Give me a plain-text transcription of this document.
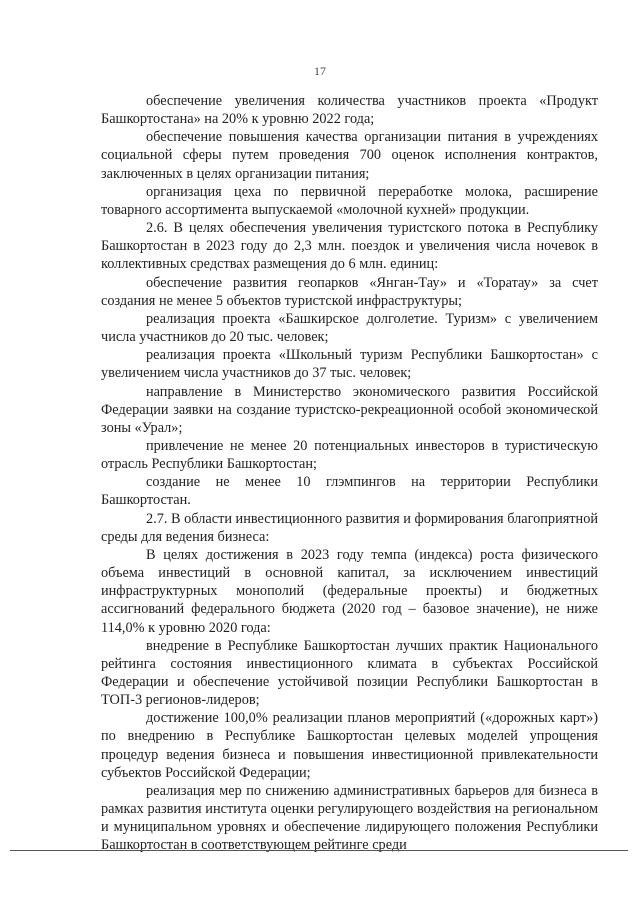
17

обеспечение увеличения количества участников проекта «Продукт Башкортостана» на 20% к уровню 2022 года;

обеспечение повышения качества организации питания в учреждениях социальной сферы путем проведения 700 оценок исполнения контрактов, заключенных в целях организации питания;

организация цеха по первичной переработке молока, расширение товарного ассортимента выпускаемой «молочной кухней» продукции.

2.6. В целях обеспечения увеличения туристского потока в Республику Башкортостан в 2023 году до 2,3 млн. поездок и увеличения числа ночевок в коллективных средствах размещения до 6 млн. единиц:

обеспечение развития геопарков «Янган-Тау» и «Торатау» за счет создания не менее 5 объектов туристской инфраструктуры;

реализация проекта «Башкирское долголетие. Туризм» с увеличением числа участников до 20 тыс. человек;

реализация проекта «Школьный туризм Республики Башкортостан» с увеличением числа участников до 37 тыс. человек;

направление в Министерство экономического развития Российской Федерации заявки на создание туристско-рекреационной особой экономической зоны «Урал»;

привлечение не менее 20 потенциальных инвесторов в туристическую отрасль Республики Башкортостан;

создание не менее 10 глэмпингов на территории Республики Башкортостан.

2.7. В области инвестиционного развития и формирования благоприятной среды для ведения бизнеса:

В целях достижения в 2023 году темпа (индекса) роста физического объема инвестиций в основной капитал, за исключением инвестиций инфраструктурных монополий (федеральные проекты) и бюджетных ассигнований федерального бюджета (2020 год – базовое значение), не ниже 114,0% к уровню 2020 года:

внедрение в Республике Башкортостан лучших практик Национального рейтинга состояния инвестиционного климата в субъектах Российской Федерации и обеспечение устойчивой позиции Республики Башкортостан в ТОП-3 регионов-лидеров;

достижение 100,0% реализации планов мероприятий («дорожных карт») по внедрению в Республике Башкортостан целевых моделей упрощения процедур ведения бизнеса и повышения инвестиционной привлекательности субъектов Российской Федерации;

реализация мер по снижению административных барьеров для бизнеса в рамках развития института оценки регулирующего воздействия на региональном и муниципальном уровнях и обеспечение лидирующего положения Республики Башкортостан в соответствующем рейтинге среди
